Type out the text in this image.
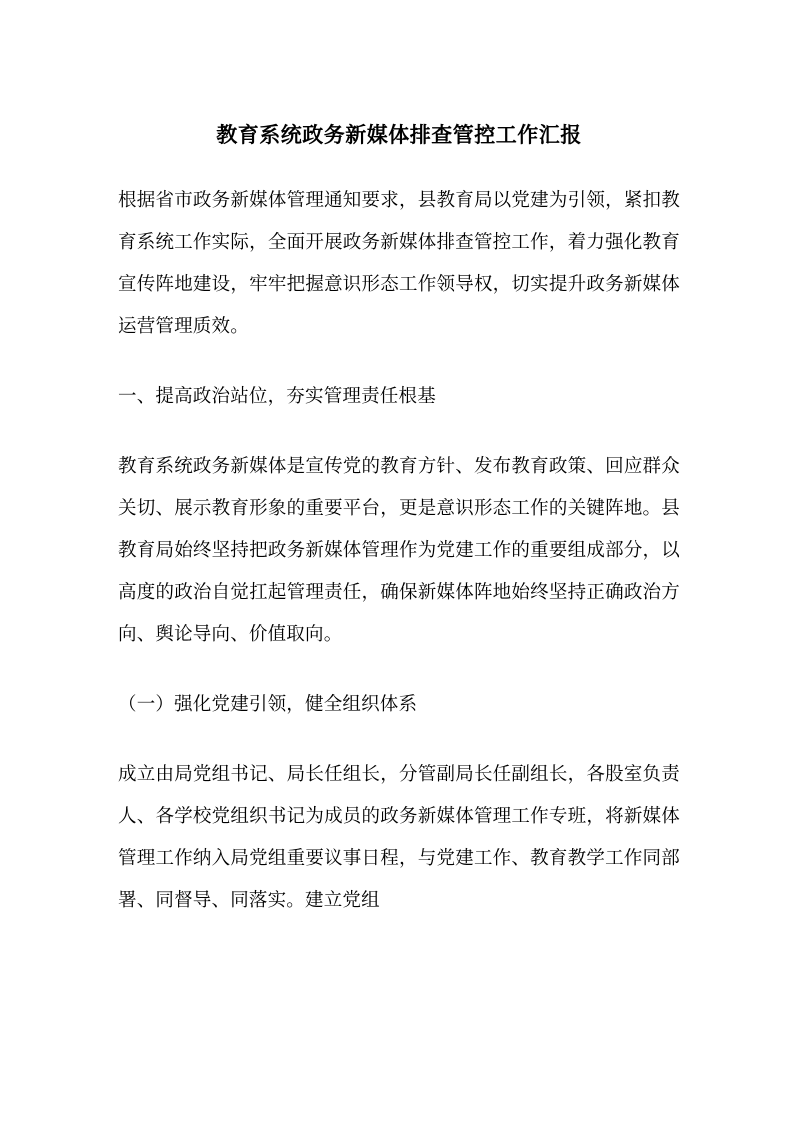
教育系统政务新媒体排查管控工作汇报

根据省市政务新媒体管理通知要求，县教育局以党建为引领，紧扣教育系统工作实际，全面开展政务新媒体排查管控工作，着力强化教育宣传阵地建设，牢牢把握意识形态工作领导权，切实提升政务新媒体运营管理质效。

一、提高政治站位，夯实管理责任根基

教育系统政务新媒体是宣传党的教育方针、发布教育政策、回应群众关切、展示教育形象的重要平台，更是意识形态工作的关键阵地。县教育局始终坚持把政务新媒体管理作为党建工作的重要组成部分，以高度的政治自觉扛起管理责任，确保新媒体阵地始终坚持正确政治方向、舆论导向、价值取向。

（一）强化党建引领，健全组织体系

成立由局党组书记、局长任组长，分管副局长任副组长，各股室负责人、各学校党组织书记为成员的政务新媒体管理工作专班，将新媒体管理工作纳入局党组重要议事日程，与党建工作、教育教学工作同部署、同督导、同落实。建立党组
